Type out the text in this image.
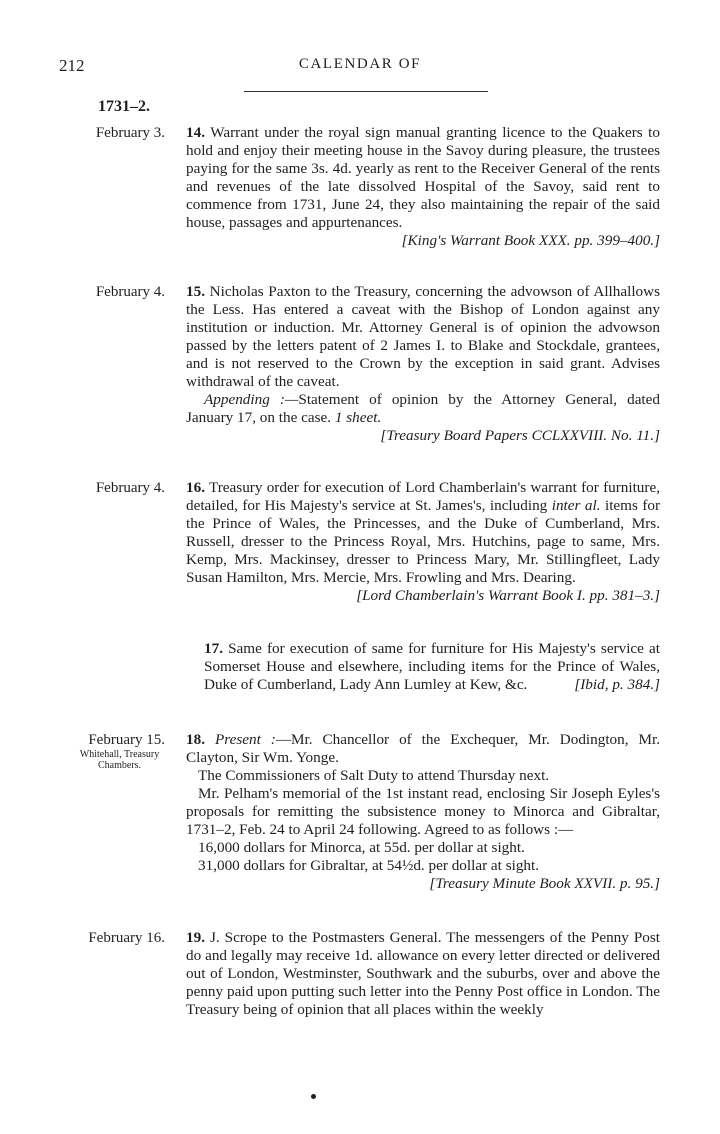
212	CALENDAR OF
1731–2.
February 3. 14. Warrant under the royal sign manual granting licence to the Quakers to hold and enjoy their meeting house in the Savoy during pleasure, the trustees paying for the same 3s. 4d. yearly as rent to the Receiver General of the rents and revenues of the late dissolved Hospital of the Savoy, said rent to commence from 1731, June 24, they also maintaining the repair of the said house, passages and appurtenances.

[King's Warrant Book XXX. pp. 399–400.]

February 4. 15. Nicholas Paxton to the Treasury, concerning the advowson of Allhallows the Less. Has entered a caveat with the Bishop of London against any institution or induction. Mr. Attorney General is of opinion the advowson passed by the letters patent of 2 James I. to Blake and Stockdale, grantees, and is not reserved to the Crown by the exception in said grant. Advises withdrawal of the caveat.

Appending :—Statement of opinion by the Attorney General, dated January 17, on the case. 1 sheet.

[Treasury Board Papers CCLXXVIII. No. 11.]

February 4. 16. Treasury order for execution of Lord Chamberlain's warrant for furniture, detailed, for His Majesty's service at St. James's, including inter al. items for the Prince of Wales, the Princesses, and the Duke of Cumberland, Mrs. Russell, dresser to the Princess Royal, Mrs. Hutchins, page to same, Mrs. Kemp, Mrs. Mackinsey, dresser to Princess Mary, Mr. Stillingfleet, Lady Susan Hamilton, Mrs. Mercie, Mrs. Frowling and Mrs. Dearing.

[Lord Chamberlain's Warrant Book I. pp. 381–3.]

17. Same for execution of same for furniture for His Majesty's service at Somerset House and elsewhere, including items for the Prince of Wales, Duke of Cumberland, Lady Ann Lumley at Kew, &c.	[Ibid, p. 384.]

February 15.
Whitehall, Treasury Chambers.

18. Present :—Mr. Chancellor of the Exchequer, Mr. Dodington, Mr. Clayton, Sir Wm. Yonge.

The Commissioners of Salt Duty to attend Thursday next.

Mr. Pelham's memorial of the 1st instant read, enclosing Sir Joseph Eyles's proposals for remitting the subsistence money to Minorca and Gibraltar, 1731–2, Feb. 24 to April 24 following. Agreed to as follows :—

16,000 dollars for Minorca, at 55d. per dollar at sight.

31,000 dollars for Gibraltar, at 54½d. per dollar at sight.

[Treasury Minute Book XXVII. p. 95.]

February 16. 19. J. Scrope to the Postmasters General. The messengers of the Penny Post do and legally may receive 1d. allowance on every letter directed or delivered out of London, Westminster, Southwark and the suburbs, over and above the penny paid upon putting such letter into the Penny Post office in London. The Treasury being of opinion that all places within the weekly
